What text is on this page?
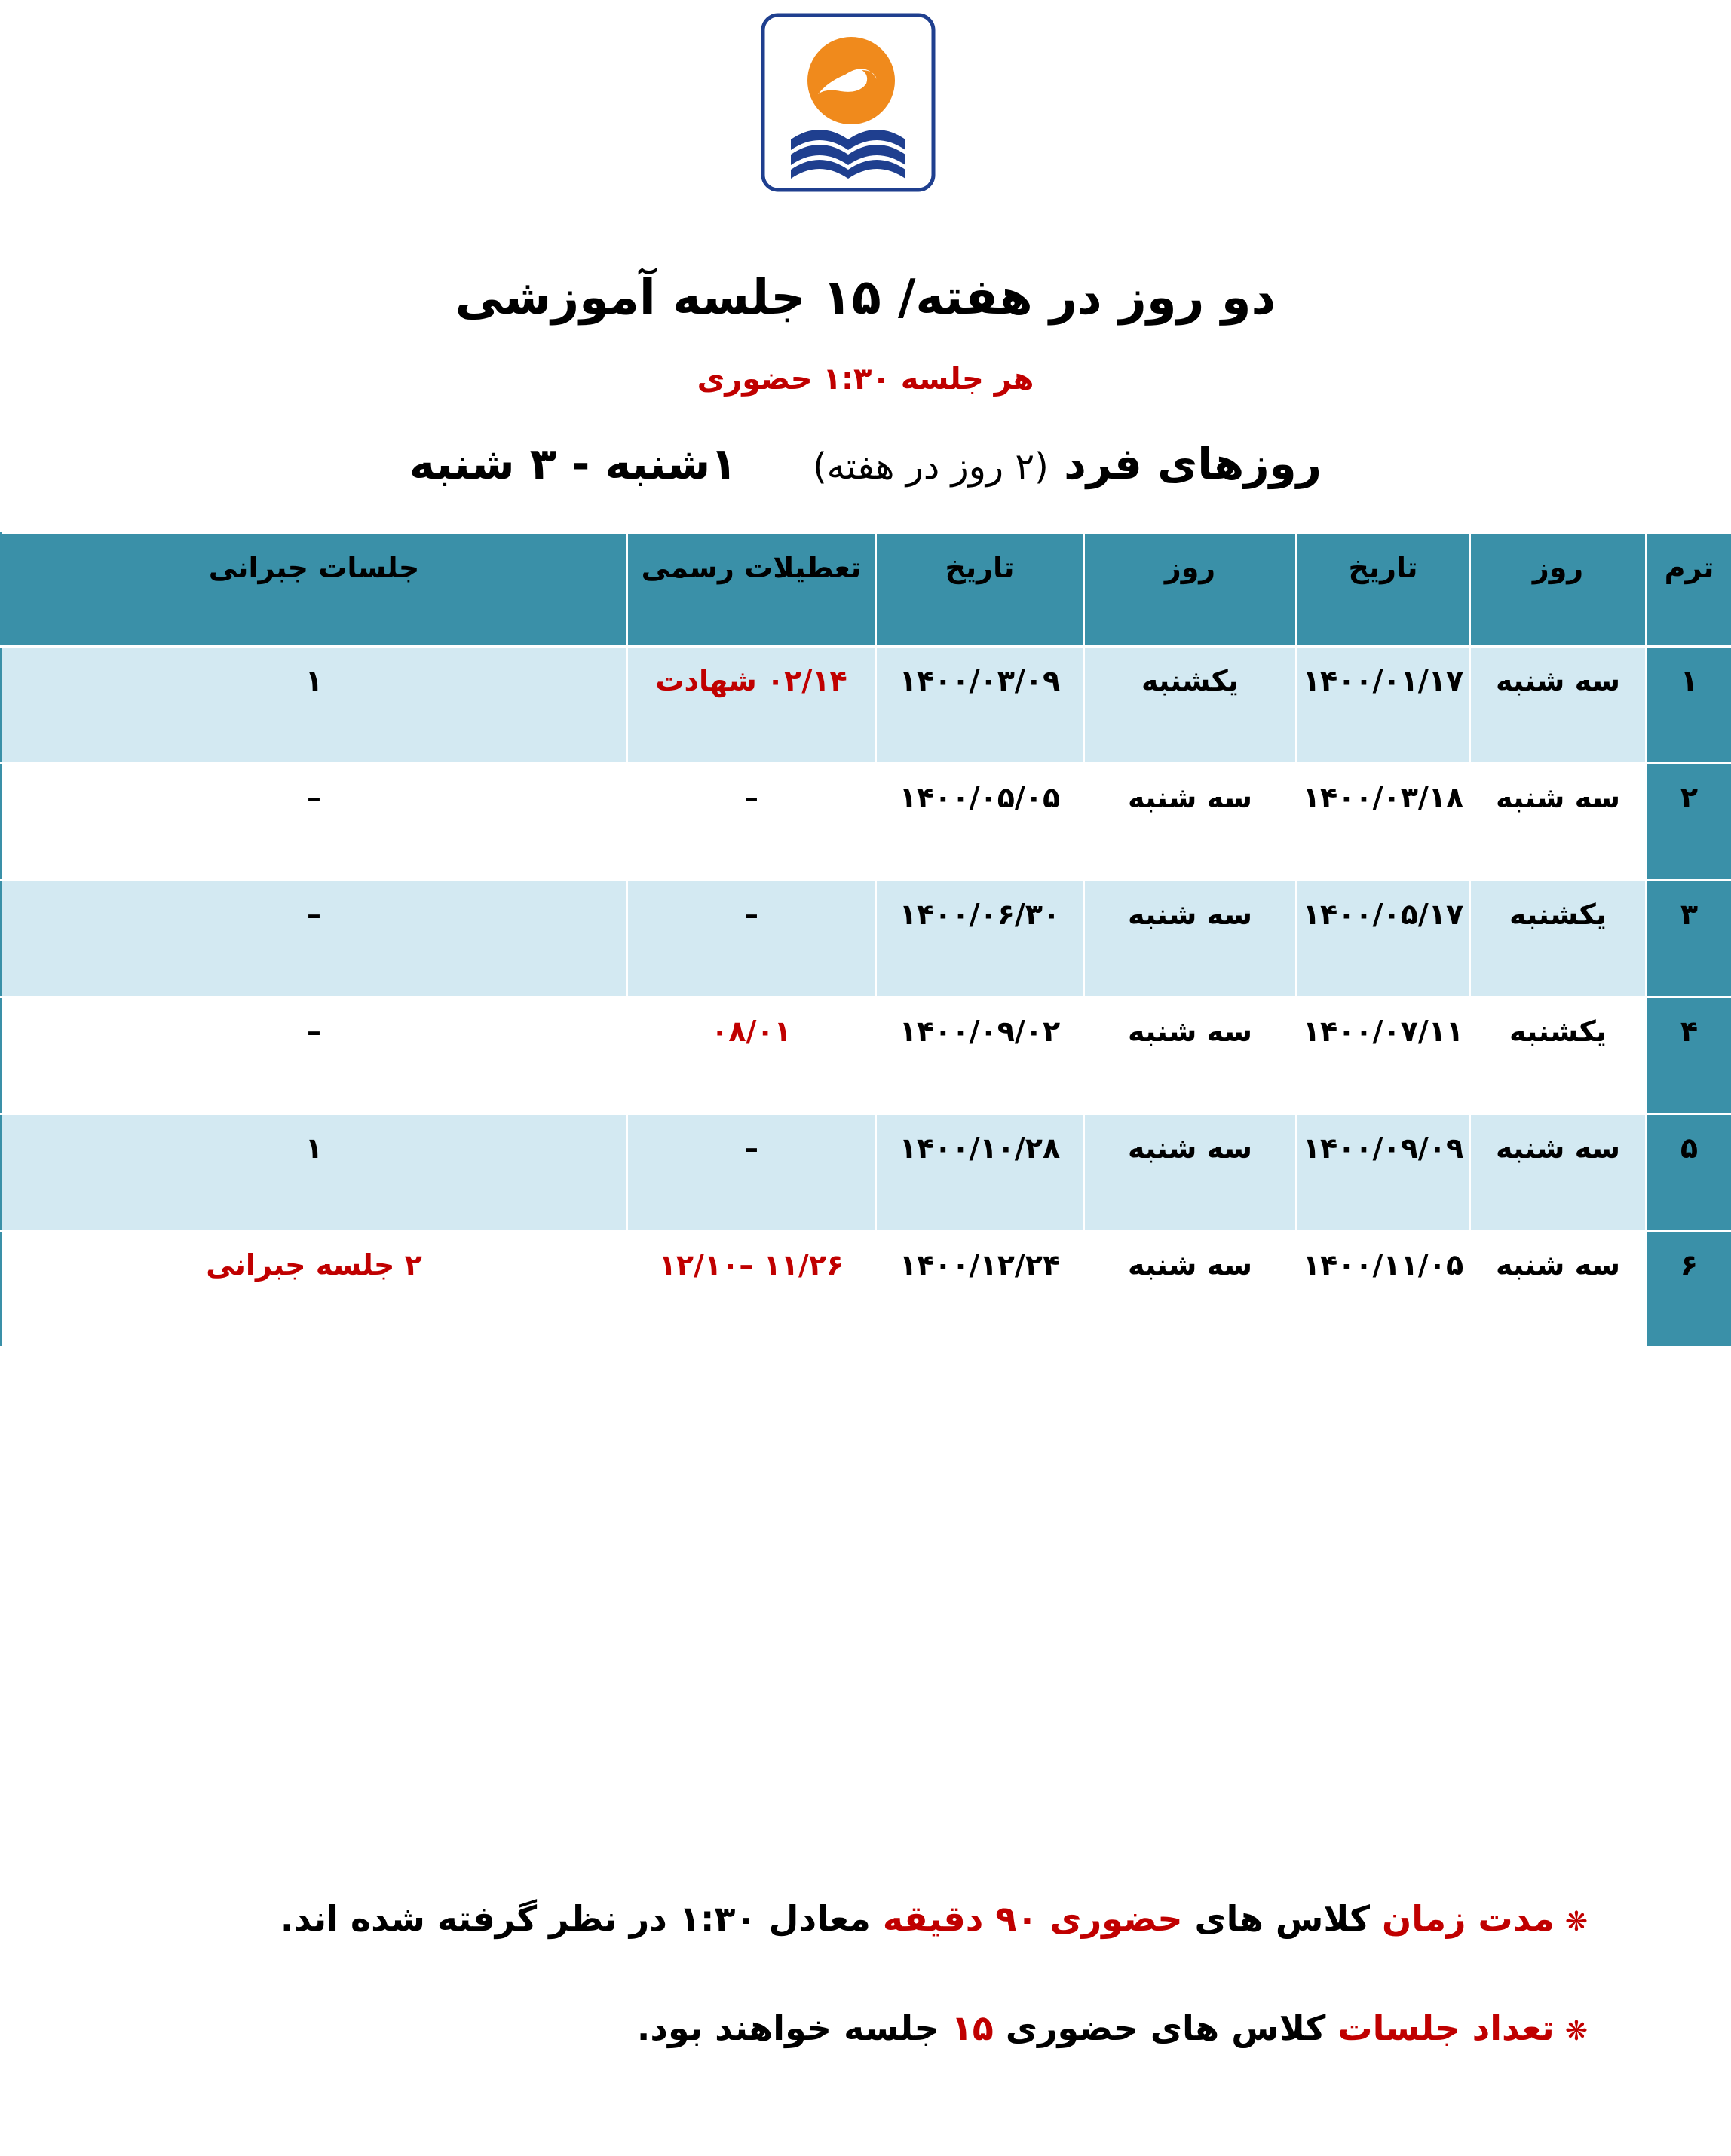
دو روز در هفته/ ۱۵ جلسه آموزشی
هر جلسه ۱:۳۰ حضوری
روزهای فرد (۲ روز در هفته)  ۱شنبه - ۳ شنبه
ترم	روز	تاریخ	روز	تاریخ	تعطیلات رسمی	جلسات جبرانی
۱	سه شنبه	۱۴۰۰/۰۱/۱۷	یکشنبه	۱۴۰۰/۰۳/۰۹	۰۲/۱۴ شهادت	۱
۲	سه شنبه	۱۴۰۰/۰۳/۱۸	سه شنبه	۱۴۰۰/۰۵/۰۵	–	–
۳	یکشنبه	۱۴۰۰/۰۵/۱۷	سه شنبه	۱۴۰۰/۰۶/۳۰	–	–
۴	یکشنبه	۱۴۰۰/۰۷/۱۱	سه شنبه	۱۴۰۰/۰۹/۰۲	۰۸/۰۱	–
۵	سه شنبه	۱۴۰۰/۰۹/۰۹	سه شنبه	۱۴۰۰/۱۰/۲۸	–	۱
۶	سه شنبه	۱۴۰۰/۱۱/۰۵	سه شنبه	۱۴۰۰/۱۲/۲۴	۱۱/۲۶ –۱۲/۱۰	۲ جلسه جبرانی
❋مدت زمان کلاس های حضوری ۹۰ دقیقه معادل ۱:۳۰ در نظر گرفته شده اند.
❋تعداد جلسات کلاس های حضوری ۱۵ جلسه خواهند بود.
